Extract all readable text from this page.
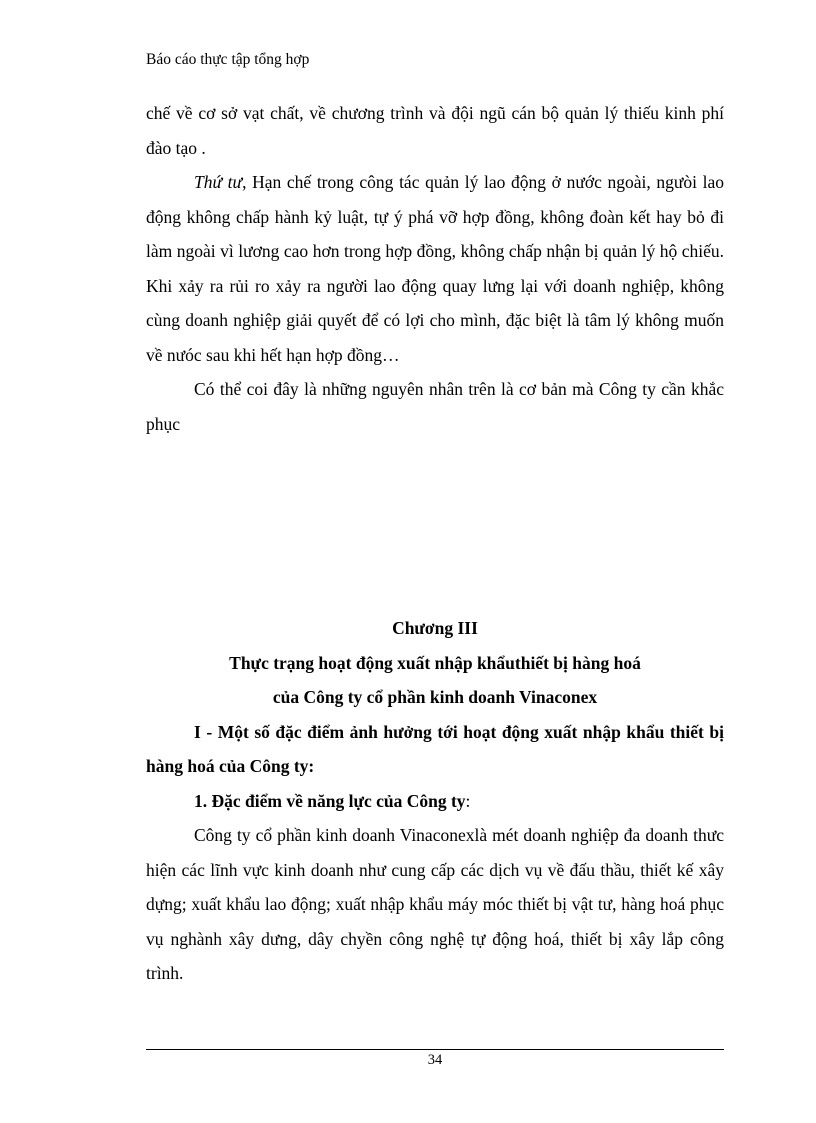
Báo cáo thực tập tổng hợp

chế về cơ sở vạt chất, về chương trình và đội ngũ cán bộ quản lý thiếu kinh phí đào tạo .

Thứ tư, Hạn chế trong công tác quản lý lao động ở nước ngoài, ngưòi lao động không chấp hành kỷ luật, tự ý phá vỡ hợp đồng, không đoàn kết hay bỏ đi làm ngoài vì lương cao hơn trong hợp đồng, không chấp nhận bị quản lý hộ chiếu. Khi xảy ra rủi ro xảy ra người lao động quay lưng lại với doanh nghiệp, không cùng doanh nghiệp giải quyết để có lợi cho mình, đặc biệt là tâm lý không muốn về nưóc sau khi hết hạn hợp đồng…

Có thể coi đây là những nguyên nhân trên là cơ bản mà Công ty cần khắc phục

Chương III

Thực trạng hoạt động xuất nhập khẩuthiết bị hàng hoá

của Công ty cổ phần kinh doanh Vinaconex

I - Một số đặc điểm ảnh hưởng tới hoạt động xuất nhập khẩu thiết bị hàng hoá của Công ty:

1. Đặc điểm về năng lực của Công ty:

Công ty cổ phần kinh doanh Vinaconexlà mét doanh nghiệp đa doanh thưc hiện các lĩnh vực kinh doanh như cung cấp các dịch vụ về đấu thầu, thiết kế xây dựng; xuất khẩu lao động; xuất nhập khẩu máy móc thiết bị vật tư, hàng hoá phục vụ nghành xây dưng, dây chyền công nghệ tự động hoá, thiết bị xây lắp công trình.

34
